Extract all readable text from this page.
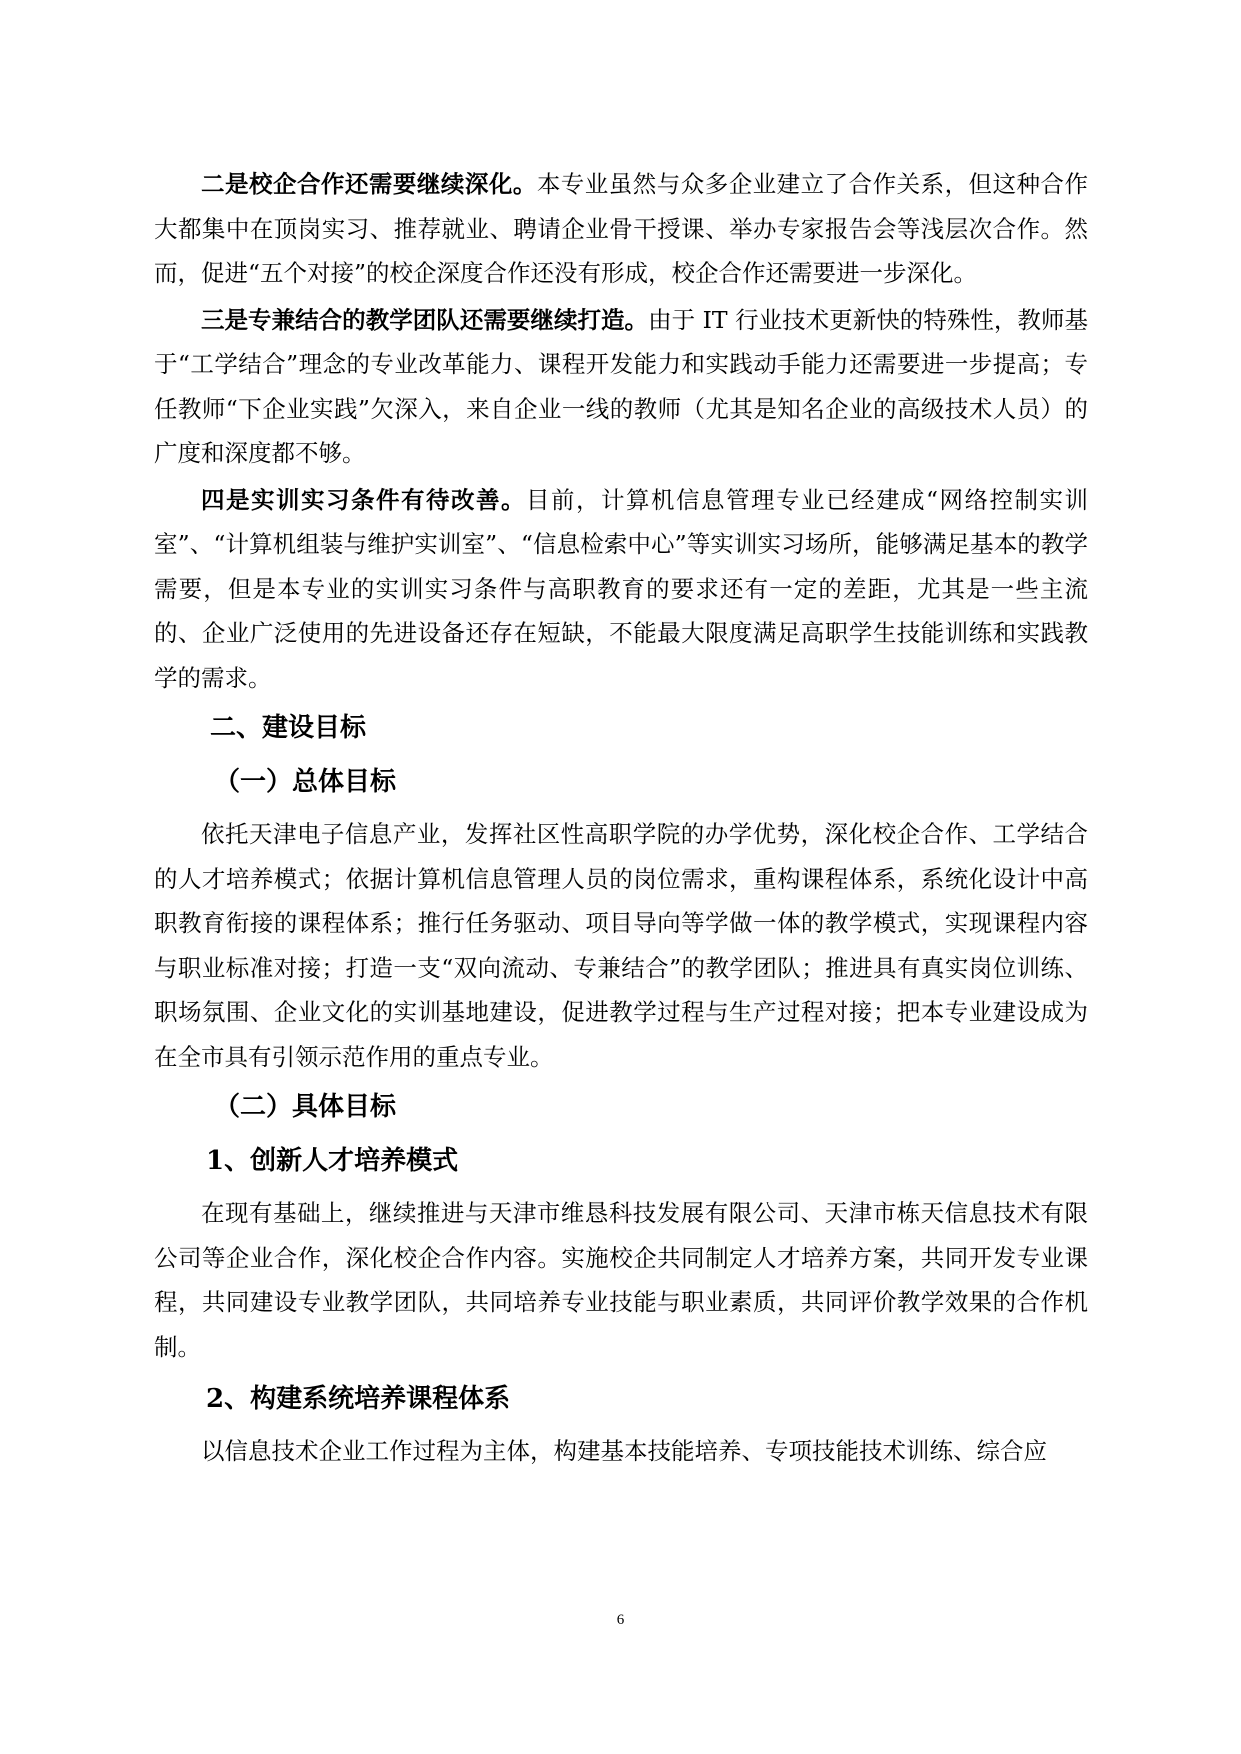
二是校企合作还需要继续深化。本专业虽然与众多企业建立了合作关系，但这种合作大都集中在顶岗实习、推荐就业、聘请企业骨干授课、举办专家报告会等浅层次合作。然而，促进“五个对接”的校企深度合作还没有形成，校企合作还需要进一步深化。

三是专兼结合的教学团队还需要继续打造。由于 IT 行业技术更新快的特殊性，教师基于“工学结合”理念的专业改革能力、课程开发能力和实践动手能力还需要进一步提高；专任教师“下企业实践”欠深入，来自企业一线的教师（尤其是知名企业的高级技术人员）的广度和深度都不够。

四是实训实习条件有待改善。目前，计算机信息管理专业已经建成“网络控制实训室”、“计算机组装与维护实训室”、“信息检索中心”等实训实习场所，能够满足基本的教学需要，但是本专业的实训实习条件与高职教育的要求还有一定的差距，尤其是一些主流的、企业广泛使用的先进设备还存在短缺，不能最大限度满足高职学生技能训练和实践教学的需求。

二、建设目标
（一）总体目标

依托天津电子信息产业，发挥社区性高职学院的办学优势，深化校企合作、工学结合的人才培养模式；依据计算机信息管理人员的岗位需求，重构课程体系，系统化设计中高职教育衔接的课程体系；推行任务驱动、项目导向等学做一体的教学模式，实现课程内容与职业标准对接；打造一支“双向流动、专兼结合”的教学团队；推进具有真实岗位训练、职场氛围、企业文化的实训基地建设，促进教学过程与生产过程对接；把本专业建设成为在全市具有引领示范作用的重点专业。

（二）具体目标
1、创新人才培养模式

在现有基础上，继续推进与天津市维恳科技发展有限公司、天津市栋天信息技术有限公司等企业合作，深化校企合作内容。实施校企共同制定人才培养方案，共同开发专业课程，共同建设专业教学团队，共同培养专业技能与职业素质，共同评价教学效果的合作机制。

2、构建系统培养课程体系

以信息技术企业工作过程为主体，构建基本技能培养、专项技能技术训练、综合应

6
